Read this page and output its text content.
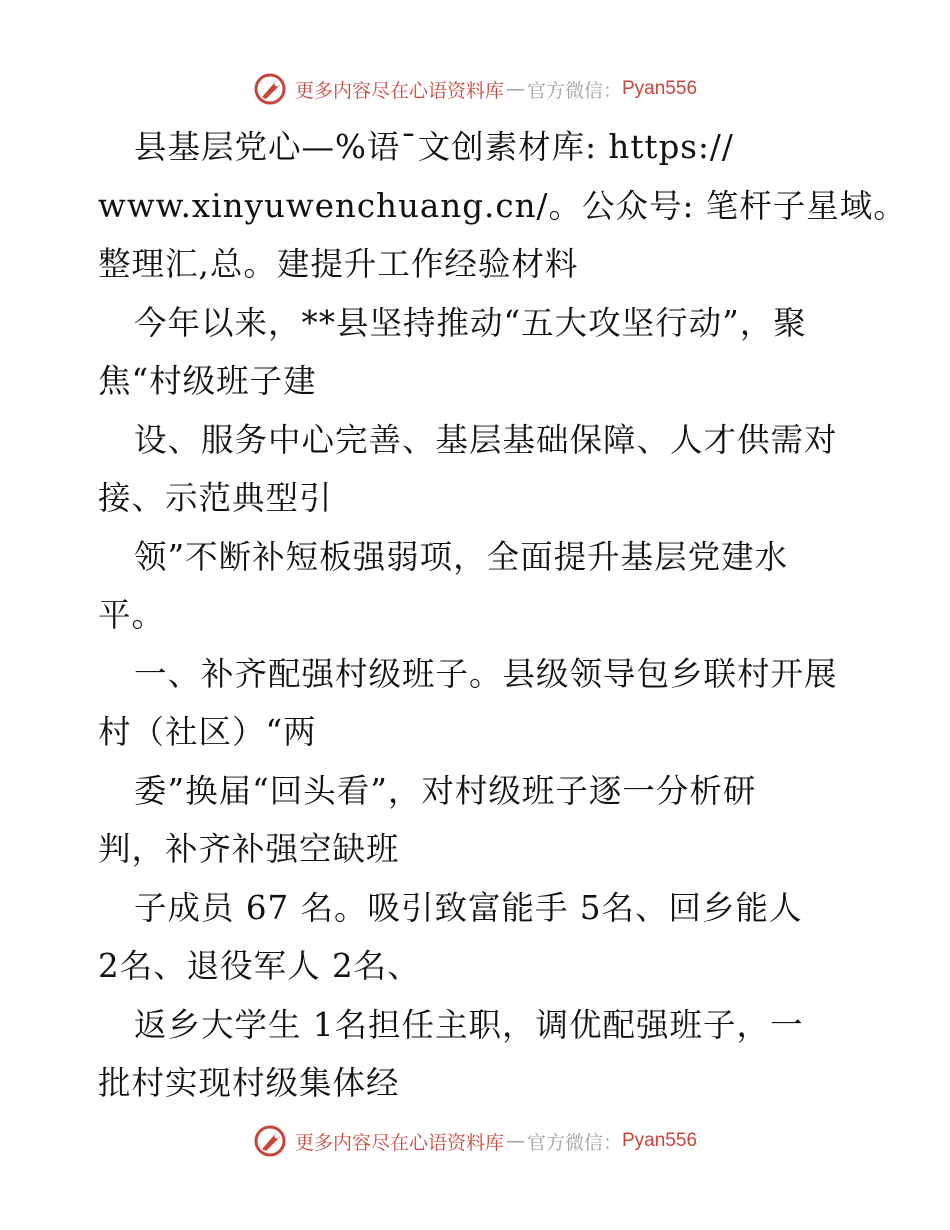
更多内容尽在心语资料库 — 官方微信： Pyan556
县基层党心—%语¯文创素材库: https://
www.xinyuwenchuang.cn/。公众号: 笔杆子星域。
整理汇,总。建提升工作经验材料
今年以来，**县坚持推动“五大攻坚行动”，聚
焦“村级班子建
设、服务中心完善、基层基础保障、人才供需对
接、示范典型引
领”不断补短板强弱项，全面提升基层党建水
平。
一、补齐配强村级班子。县级领导包乡联村开展
村（社区）“两
委”换届“回头看”，对村级班子逐一分析研
判，补齐补强空缺班
子成员 67 名。吸引致富能手 5名、回乡能人
2名、退役军人 2名、
返乡大学生 1名担任主职，调优配强班子，一
批村实现村级集体经
更多内容尽在心语资料库 — 官方微信： Pyan556
